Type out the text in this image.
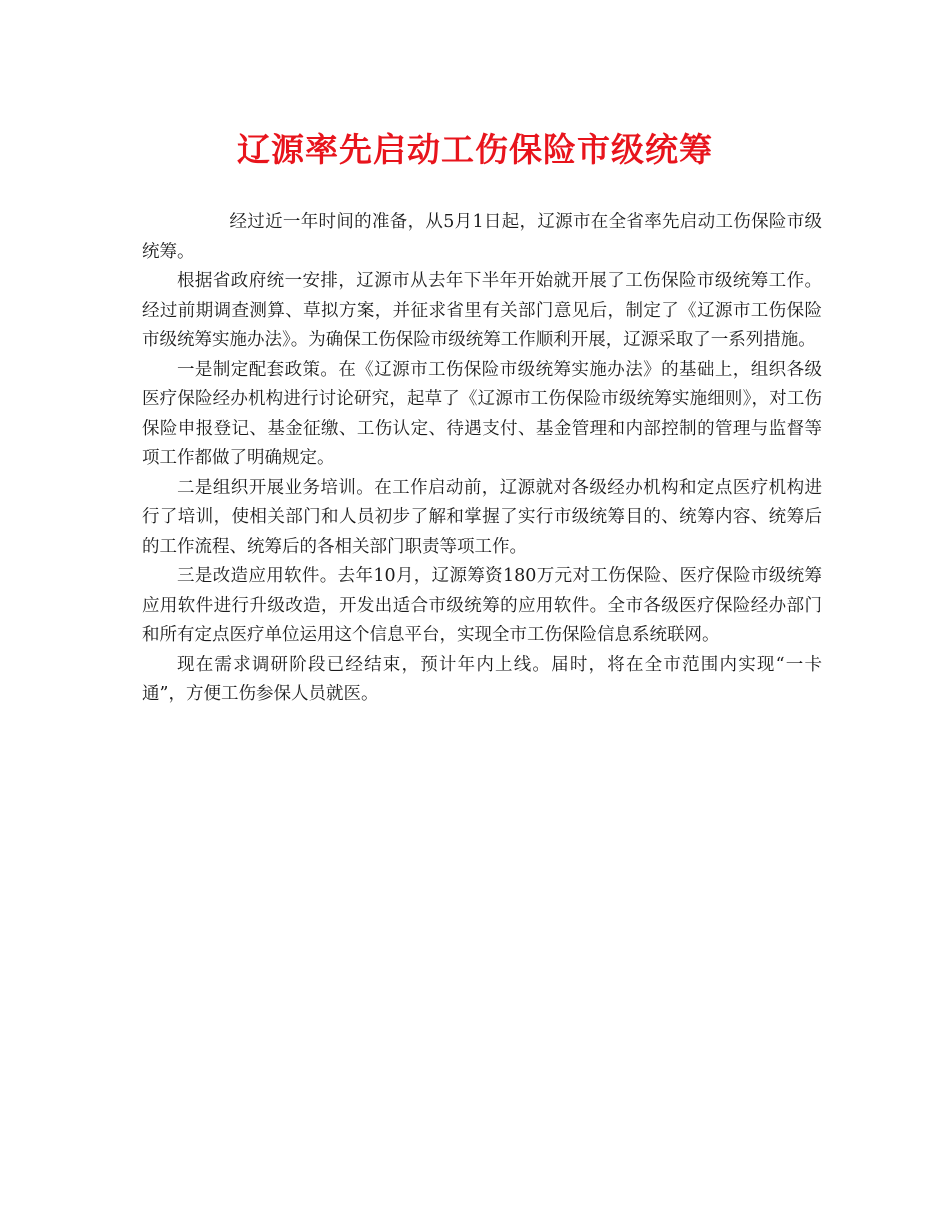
辽源率先启动工伤保险市级统筹

经过近一年时间的准备，从5月1日起，辽源市在全省率先启动工伤保险市级统筹。

根据省政府统一安排，辽源市从去年下半年开始就开展了工伤保险市级统筹工作。经过前期调查测算、草拟方案，并征求省里有关部门意见后，制定了《辽源市工伤保险市级统筹实施办法》。为确保工伤保险市级统筹工作顺利开展，辽源采取了一系列措施。

一是制定配套政策。在《辽源市工伤保险市级统筹实施办法》的基础上，组织各级医疗保险经办机构进行讨论研究，起草了《辽源市工伤保险市级统筹实施细则》，对工伤保险申报登记、基金征缴、工伤认定、待遇支付、基金管理和内部控制的管理与监督等项工作都做了明确规定。

二是组织开展业务培训。在工作启动前，辽源就对各级经办机构和定点医疗机构进行了培训，使相关部门和人员初步了解和掌握了实行市级统筹目的、统筹内容、统筹后的工作流程、统筹后的各相关部门职责等项工作。

三是改造应用软件。去年10月，辽源筹资180万元对工伤保险、医疗保险市级统筹应用软件进行升级改造，开发出适合市级统筹的应用软件。全市各级医疗保险经办部门和所有定点医疗单位运用这个信息平台，实现全市工伤保险信息系统联网。

现在需求调研阶段已经结束，预计年内上线。届时，将在全市范围内实现“一卡通”，方便工伤参保人员就医。
